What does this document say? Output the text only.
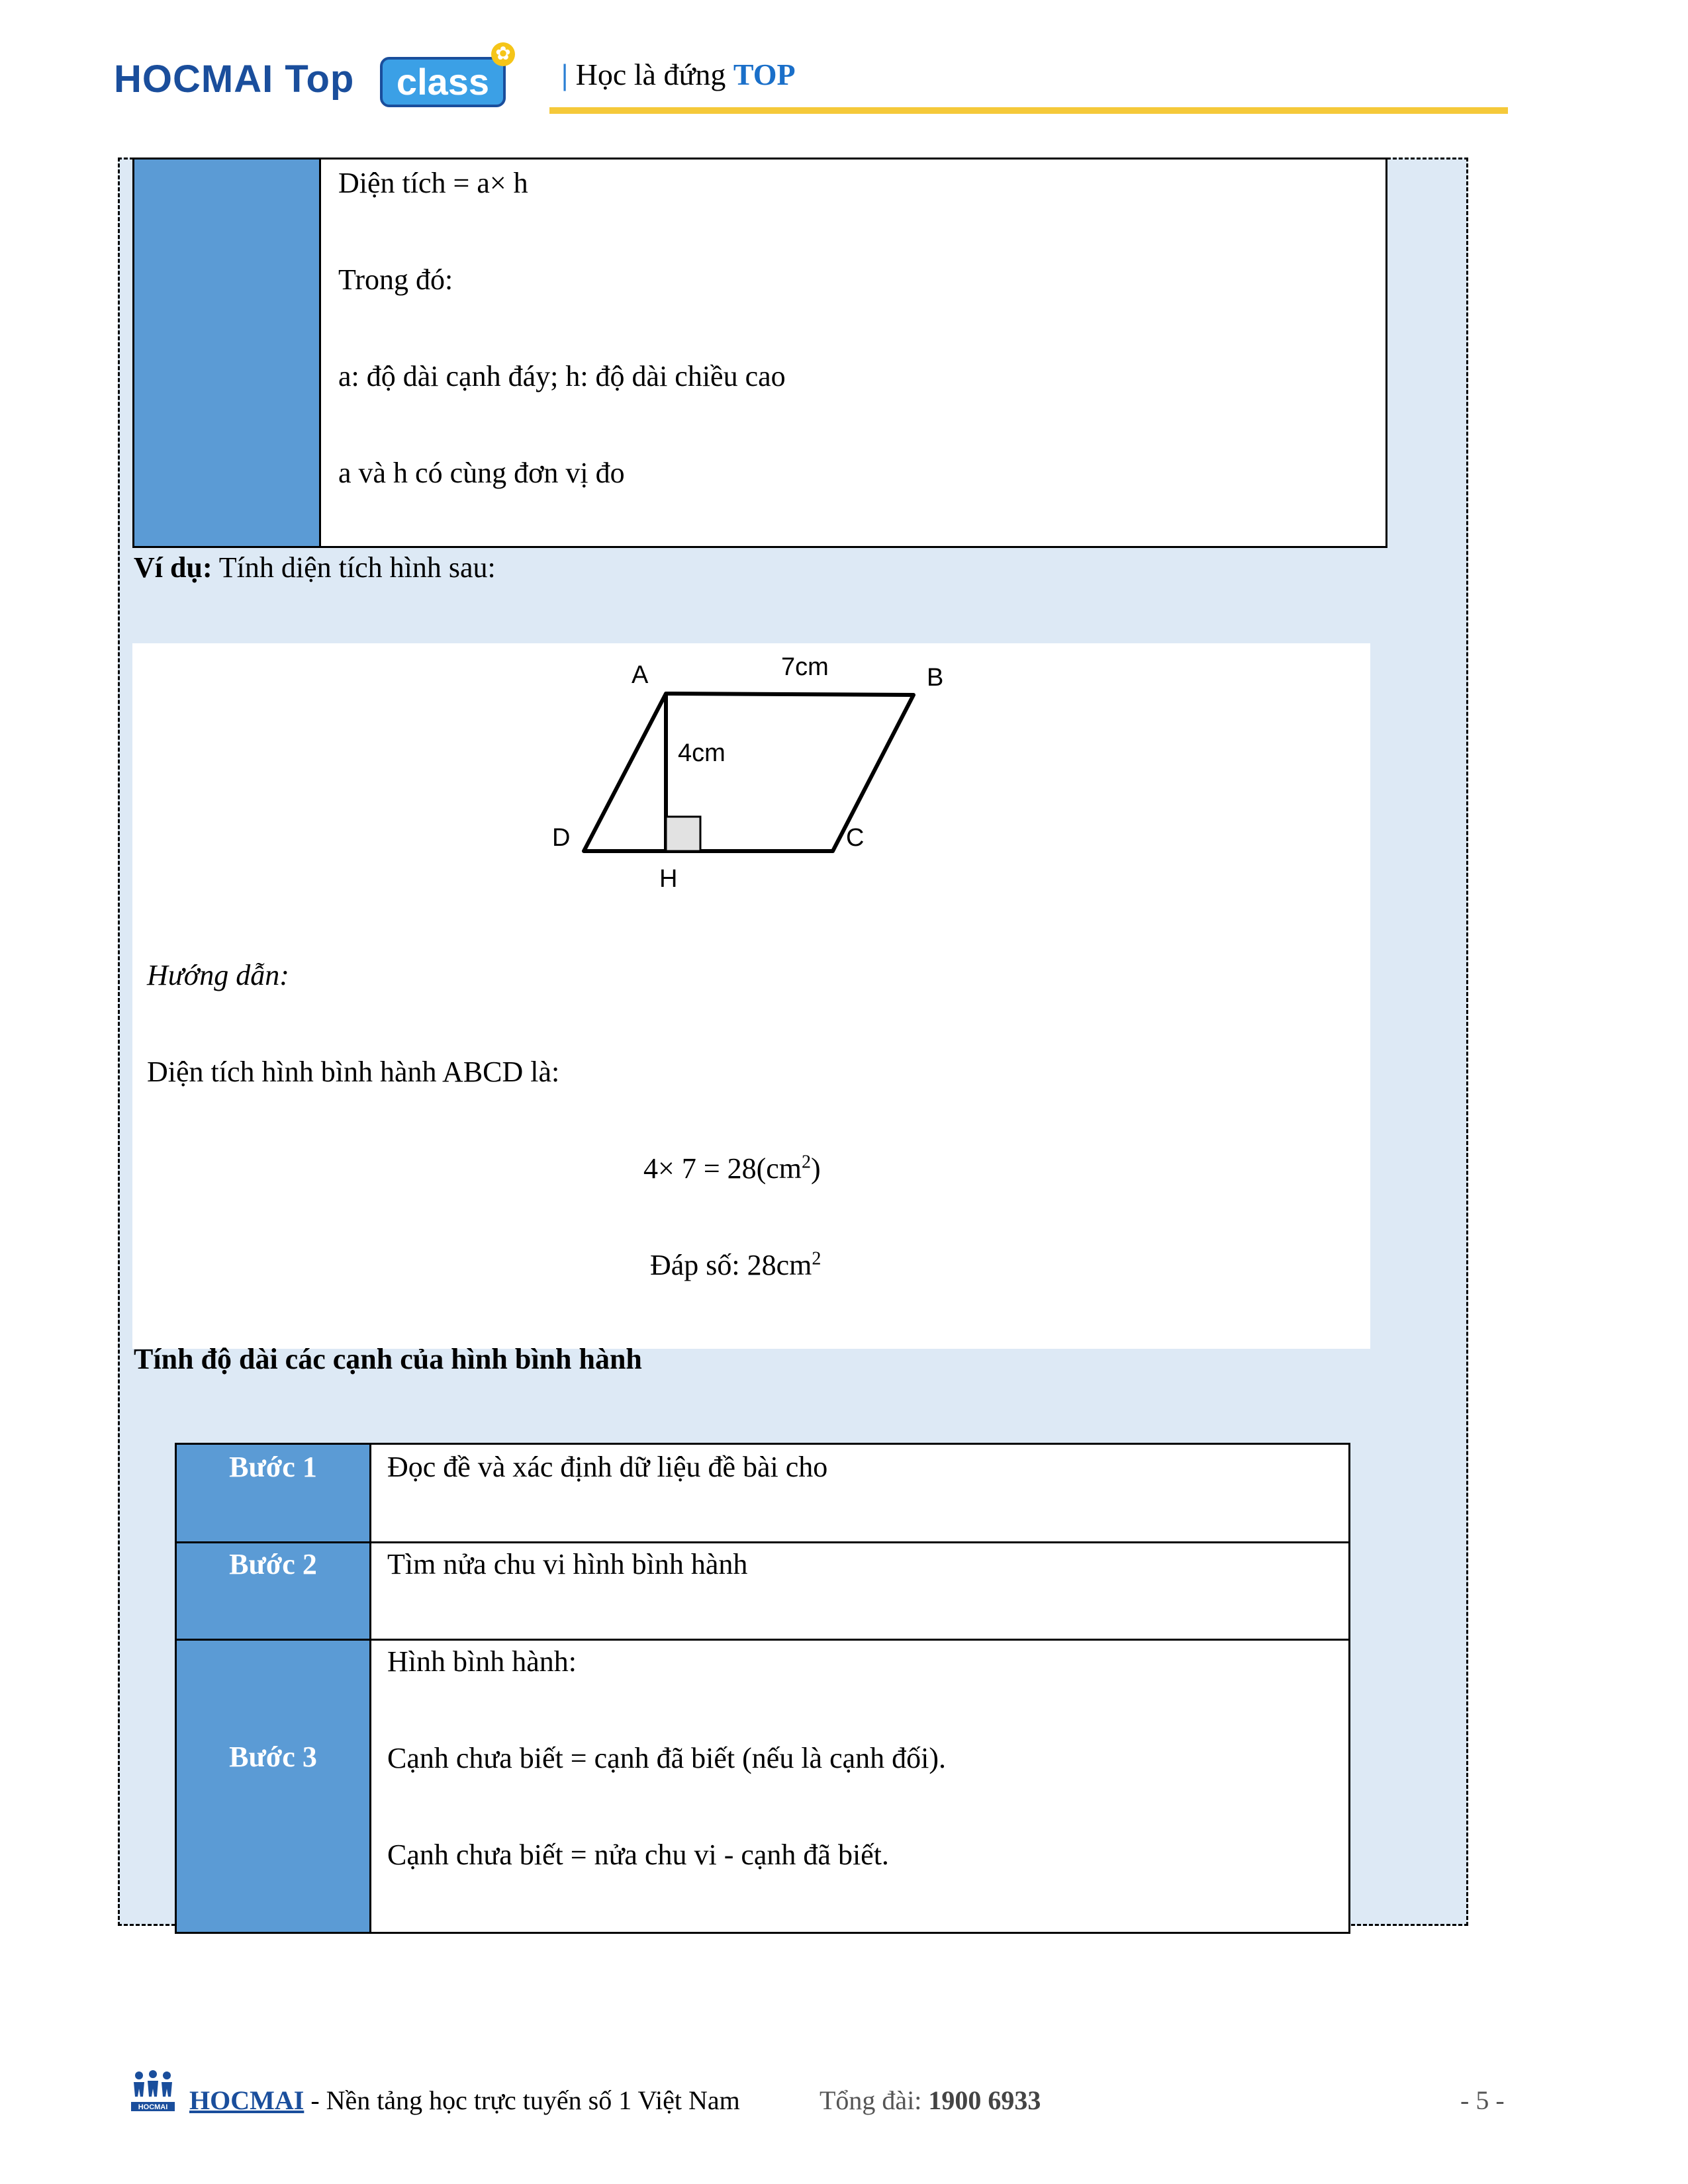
HOCMAI Top	class
✿
| Học là đứng TOP
Diện tích = a× h
Trong đó:
a: độ dài cạnh đáy; h: độ dài chiều cao
a và h có cùng đơn vị đo
Ví dụ: Tính diện tích hình sau:
A	B
C
D
H
7cm
4cm
Hướng dẫn:
Diện tích hình bình hành ABCD là:
$4\times 7 = 28(cm^2)$
Đáp số: $28cm^2$
Tính độ dài các cạnh của hình bình hành
Bước 1	Đọc đề và xác định dữ liệu đề bài cho
Bước 2	Tìm nửa chu vi hình bình hành
Bước 3
Hình bình hành:
Cạnh chưa biết = cạnh đã biết (nếu là cạnh đối).
Cạnh chưa biết = nửa chu vi - cạnh đã biết.
HOCMAI HOCMAI - Nền tảng học trực tuyến số 1 Việt Nam	Tổng đài: 1900 6933	- 5 -
